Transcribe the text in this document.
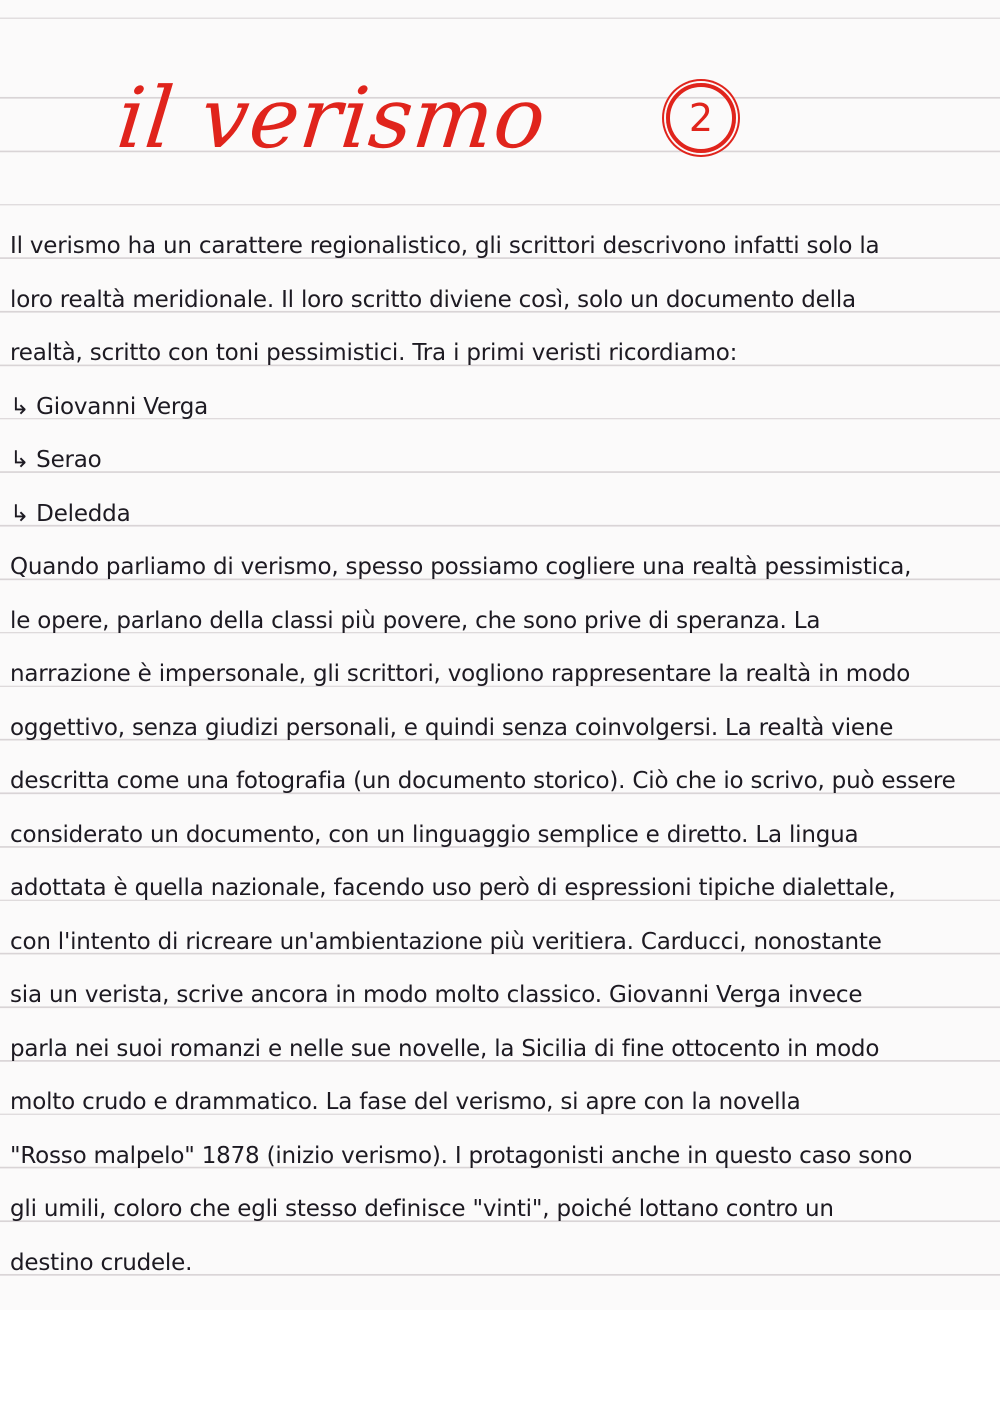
il verismo	2
Il verismo ha un carattere regionalistico, gli scrittori descrivono infatti solo la
loro realtà meridionale. Il loro scritto diviene così, solo un documento della
realtà, scritto con toni pessimistici. Tra i primi veristi ricordiamo:
↳ Giovanni Verga
↳ Serao
↳ Deledda
Quando parliamo di verismo, spesso possiamo cogliere una realtà pessimistica,
le opere, parlano della classi più povere, che sono prive di speranza. La
narrazione è impersonale, gli scrittori, vogliono rappresentare la realtà in modo
oggettivo, senza giudizi personali, e quindi senza coinvolgersi. La realtà viene
descritta come una fotografia (un documento storico). Ciò che io scrivo, può essere
considerato un documento, con un linguaggio semplice e diretto. La lingua
adottata è quella nazionale, facendo uso però di espressioni tipiche dialettale,
con l'intento di ricreare un'ambientazione più veritiera. Carducci, nonostante
sia un verista, scrive ancora in modo molto classico. Giovanni Verga invece
parla nei suoi romanzi e nelle sue novelle, la Sicilia di fine ottocento in modo
molto crudo e drammatico. La fase del verismo, si apre con la novella
"Rosso malpelo" 1878 (inizio verismo). I protagonisti anche in questo caso sono
gli umili, coloro che egli stesso definisce "vinti", poiché lottano contro un
destino crudele.
